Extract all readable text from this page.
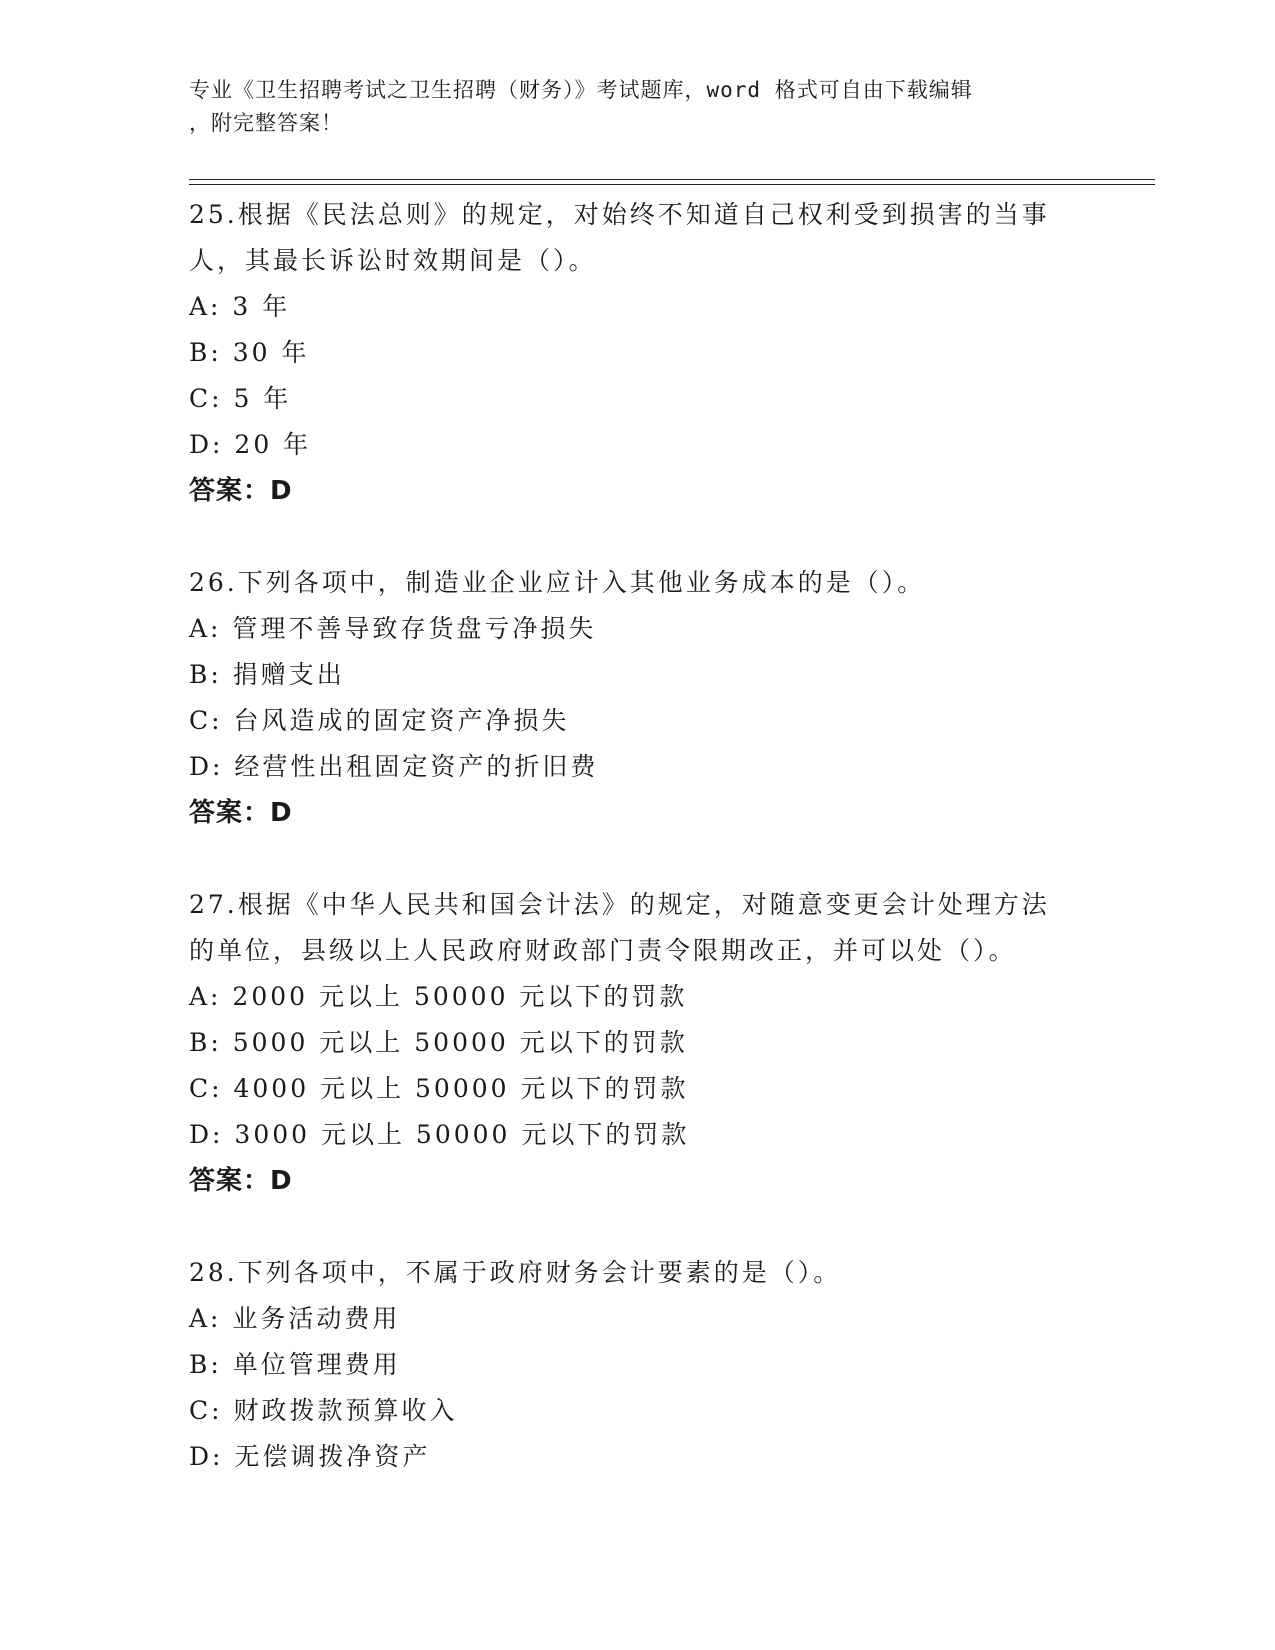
专业《卫生招聘考试之卫生招聘（财务）》考试题库，word 格式可自由下载编辑
，附完整答案！

25.根据《民法总则》的规定，对始终不知道自己权利受到损害的当事
人，其最长诉讼时效期间是（）。

A: 3 年

B: 30 年

C: 5 年

D: 20 年

答案：D

26.下列各项中，制造业企业应计入其他业务成本的是（）。

A: 管理不善导致存货盘亏净损失

B: 捐赠支出

C: 台风造成的固定资产净损失

D: 经营性出租固定资产的折旧费

答案：D

27.根据《中华人民共和国会计法》的规定，对随意变更会计处理方法
的单位，县级以上人民政府财政部门责令限期改正，并可以处（）。

A: 2000 元以上 50000 元以下的罚款

B: 5000 元以上 50000 元以下的罚款

C: 4000 元以上 50000 元以下的罚款

D: 3000 元以上 50000 元以下的罚款

答案：D

28.下列各项中，不属于政府财务会计要素的是（）。

A: 业务活动费用

B: 单位管理费用

C: 财政拨款预算收入

D: 无偿调拨净资产
